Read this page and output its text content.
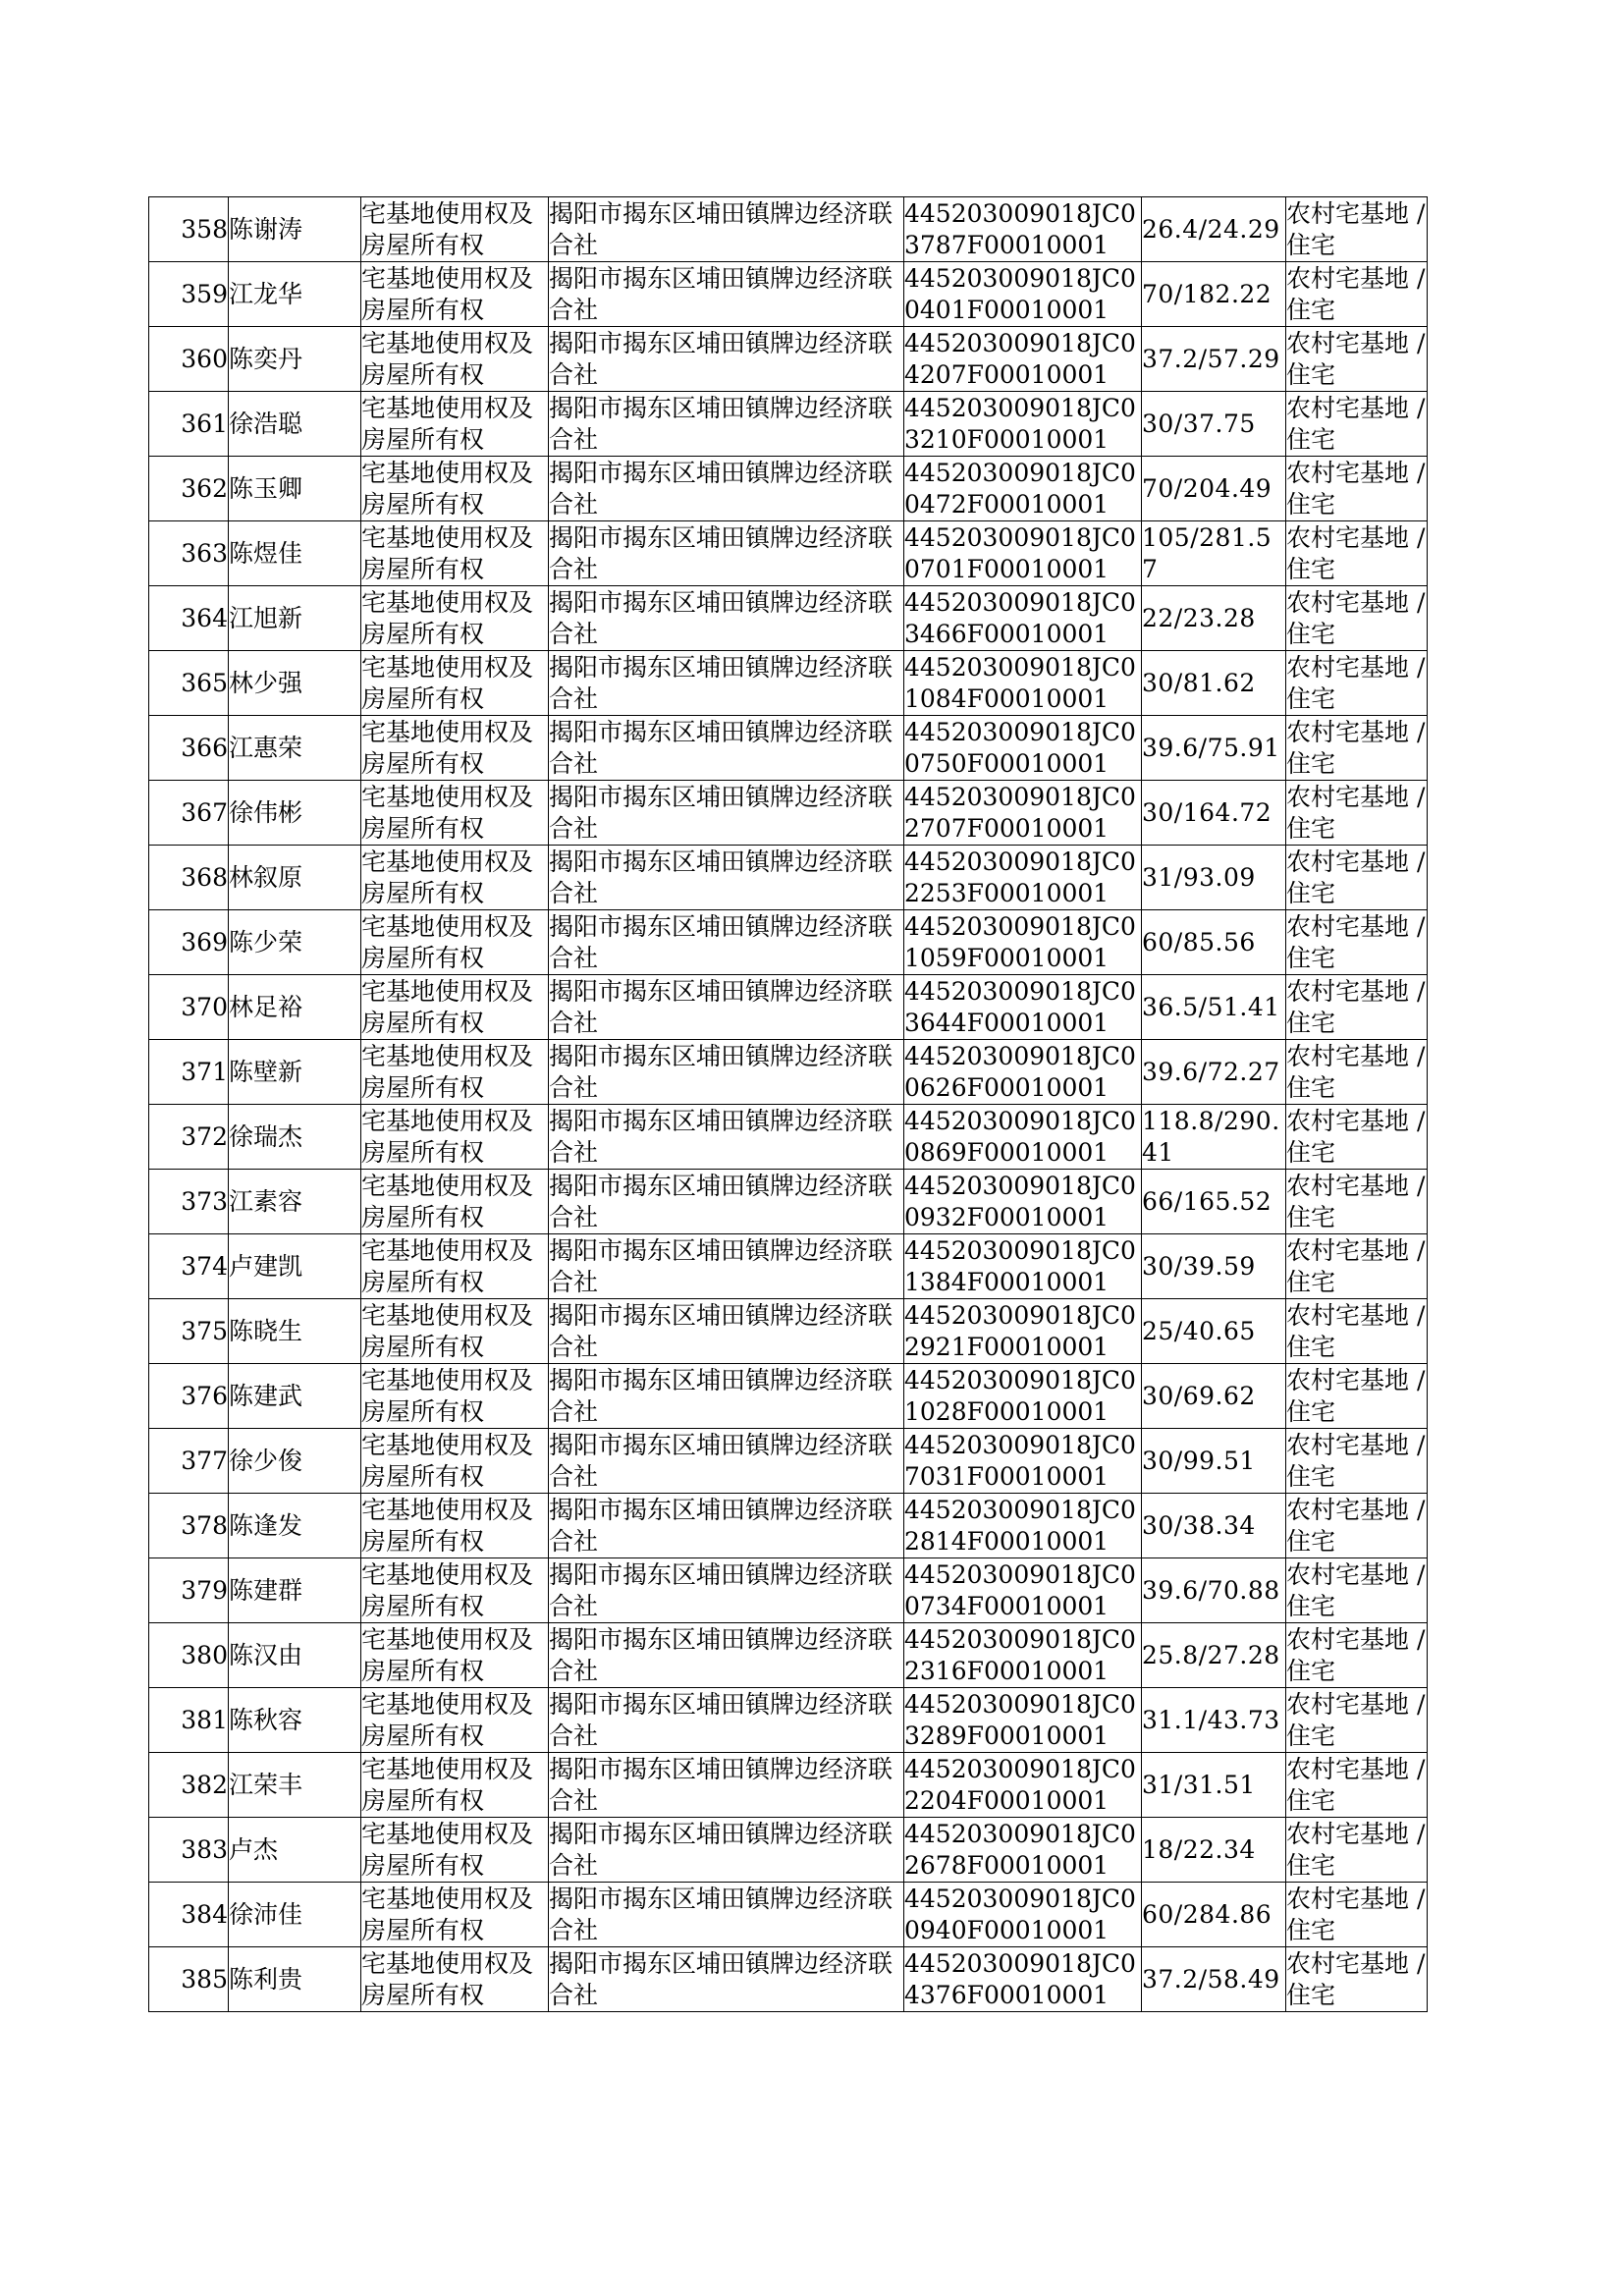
358	陈谢涛	宅基地使用权及房屋所有权	揭阳市揭东区埔田镇牌边经济联合社	445203009018JC03787F00010001	26.4/24.29	农村宅基地 / 住宅

359	江龙华	宅基地使用权及房屋所有权	揭阳市揭东区埔田镇牌边经济联合社	445203009018JC00401F00010001	70/182.22	农村宅基地 / 住宅

360	陈奕丹	宅基地使用权及房屋所有权	揭阳市揭东区埔田镇牌边经济联合社	445203009018JC04207F00010001	37.2/57.29	农村宅基地 / 住宅

361	徐浩聪	宅基地使用权及房屋所有权	揭阳市揭东区埔田镇牌边经济联合社	445203009018JC03210F00010001	30/37.75	农村宅基地 / 住宅

362	陈玉卿	宅基地使用权及房屋所有权	揭阳市揭东区埔田镇牌边经济联合社	445203009018JC00472F00010001	70/204.49	农村宅基地 / 住宅

363	陈煜佳	宅基地使用权及房屋所有权	揭阳市揭东区埔田镇牌边经济联合社	445203009018JC00701F00010001	105/281.57	农村宅基地 / 住宅

364	江旭新	宅基地使用权及房屋所有权	揭阳市揭东区埔田镇牌边经济联合社	445203009018JC03466F00010001	22/23.28	农村宅基地 / 住宅

365	林少强	宅基地使用权及房屋所有权	揭阳市揭东区埔田镇牌边经济联合社	445203009018JC01084F00010001	30/81.62	农村宅基地 / 住宅

366	江惠荣	宅基地使用权及房屋所有权	揭阳市揭东区埔田镇牌边经济联合社	445203009018JC00750F00010001	39.6/75.91	农村宅基地 / 住宅

367	徐伟彬	宅基地使用权及房屋所有权	揭阳市揭东区埔田镇牌边经济联合社	445203009018JC02707F00010001	30/164.72	农村宅基地 / 住宅

368	林叙原	宅基地使用权及房屋所有权	揭阳市揭东区埔田镇牌边经济联合社	445203009018JC02253F00010001	31/93.09	农村宅基地 / 住宅

369	陈少荣	宅基地使用权及房屋所有权	揭阳市揭东区埔田镇牌边经济联合社	445203009018JC01059F00010001	60/85.56	农村宅基地 / 住宅

370	林足裕	宅基地使用权及房屋所有权	揭阳市揭东区埔田镇牌边经济联合社	445203009018JC03644F00010001	36.5/51.41	农村宅基地 / 住宅

371	陈壁新	宅基地使用权及房屋所有权	揭阳市揭东区埔田镇牌边经济联合社	445203009018JC00626F00010001	39.6/72.27	农村宅基地 / 住宅

372	徐瑞杰	宅基地使用权及房屋所有权	揭阳市揭东区埔田镇牌边经济联合社	445203009018JC00869F00010001	118.8/290.41	农村宅基地 / 住宅

373	江素容	宅基地使用权及房屋所有权	揭阳市揭东区埔田镇牌边经济联合社	445203009018JC00932F00010001	66/165.52	农村宅基地 / 住宅

374	卢建凯	宅基地使用权及房屋所有权	揭阳市揭东区埔田镇牌边经济联合社	445203009018JC01384F00010001	30/39.59	农村宅基地 / 住宅

375	陈晓生	宅基地使用权及房屋所有权	揭阳市揭东区埔田镇牌边经济联合社	445203009018JC02921F00010001	25/40.65	农村宅基地 / 住宅

376	陈建武	宅基地使用权及房屋所有权	揭阳市揭东区埔田镇牌边经济联合社	445203009018JC01028F00010001	30/69.62	农村宅基地 / 住宅

377	徐少俊	宅基地使用权及房屋所有权	揭阳市揭东区埔田镇牌边经济联合社	445203009018JC07031F00010001	30/99.51	农村宅基地 / 住宅

378	陈逢发	宅基地使用权及房屋所有权	揭阳市揭东区埔田镇牌边经济联合社	445203009018JC02814F00010001	30/38.34	农村宅基地 / 住宅

379	陈建群	宅基地使用权及房屋所有权	揭阳市揭东区埔田镇牌边经济联合社	445203009018JC00734F00010001	39.6/70.88	农村宅基地 / 住宅

380	陈汉由	宅基地使用权及房屋所有权	揭阳市揭东区埔田镇牌边经济联合社	445203009018JC02316F00010001	25.8/27.28	农村宅基地 / 住宅

381	陈秋容	宅基地使用权及房屋所有权	揭阳市揭东区埔田镇牌边经济联合社	445203009018JC03289F00010001	31.1/43.73	农村宅基地 / 住宅

382	江荣丰	宅基地使用权及房屋所有权	揭阳市揭东区埔田镇牌边经济联合社	445203009018JC02204F00010001	31/31.51	农村宅基地 / 住宅

383	卢杰	宅基地使用权及房屋所有权	揭阳市揭东区埔田镇牌边经济联合社	445203009018JC02678F00010001	18/22.34	农村宅基地 / 住宅

384	徐沛佳	宅基地使用权及房屋所有权	揭阳市揭东区埔田镇牌边经济联合社	445203009018JC00940F00010001	60/284.86	农村宅基地 / 住宅

385	陈利贵	宅基地使用权及房屋所有权	揭阳市揭东区埔田镇牌边经济联合社	445203009018JC04376F00010001	37.2/58.49	农村宅基地 / 住宅
